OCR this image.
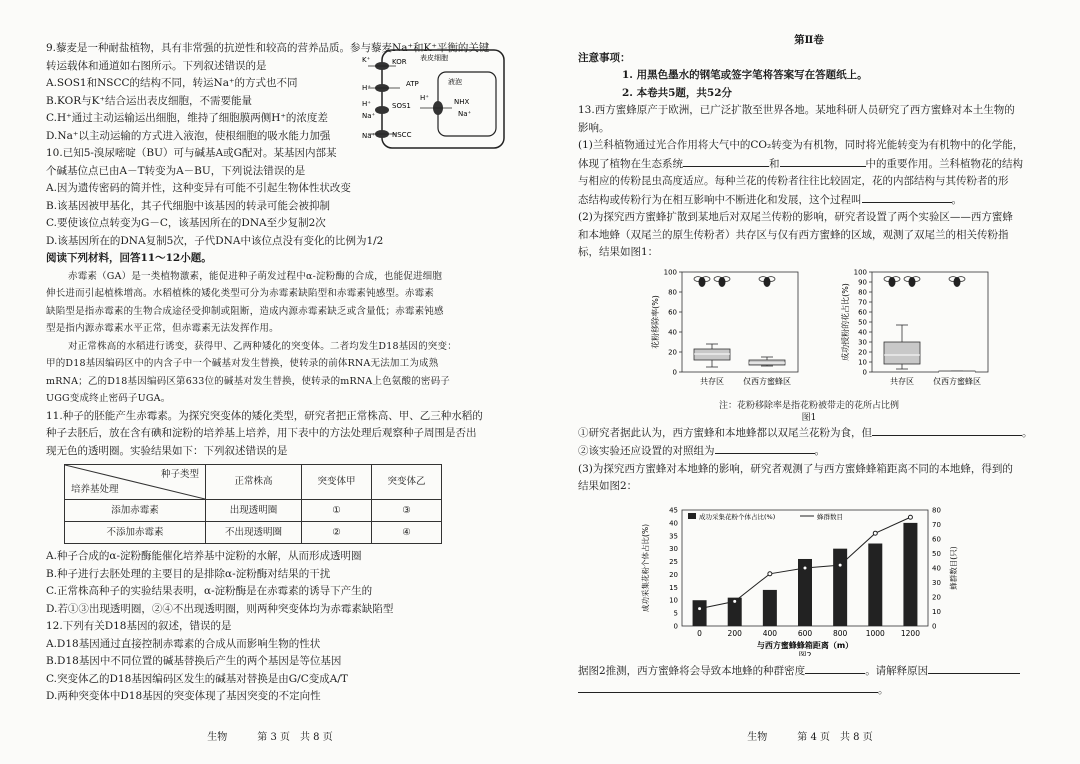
9.藜麦是一种耐盐植物，具有非常强的抗逆性和较高的营养品质。参与藜麦Na⁺和K⁺平衡的关键
转运载体和通道如右图所示。下列叙述错误的是
A.SOS1和NSCC的结构不同，转运Na⁺的方式也不同
B.KOR与K⁺结合运出表皮细胞，不需要能量
C.H⁺通过主动运输运出细胞，维持了细胞膜两侧H⁺的浓度差
D.Na⁺以主动运输的方式进入液泡，使根细胞的吸水能力加强
10.已知5-溴尿嘧啶（BU）可与碱基A或G配对。某基因内部某
个碱基位点已由A－T转变为A－BU，下列说法错误的是
A.因为遗传密码的简并性，这种变异有可能不引起生物体性状改变
B.该基因被甲基化，其子代细胞中该基因的转录可能会被抑制
C.要使该位点转变为G－C，该基因所在的DNA至少复制2次
D.该基因所在的DNA复制5次，子代DNA中该位点没有变化的比例为1/2
阅读下列材料，回答11～12小题。
赤霉素（GA）是一类植物激素，能促进种子萌发过程中α-淀粉酶的合成，也能促进细胞
伸长进而引起植株增高。水稻植株的矮化类型可分为赤霉素缺陷型和赤霉素钝感型。赤霉素
缺陷型是指赤霉素的生物合成途径受抑制或阻断，造成内源赤霉素缺乏或含量低；赤霉素钝感
型是指内源赤霉素水平正常，但赤霉素无法发挥作用。
对正常株高的水稻进行诱变，获得甲、乙两种矮化的突变体。二者均发生D18基因的突变：
甲的D18基因编码区中的内含子中一个碱基对发生替换，使转录的前体RNA无法加工为成熟
mRNA；乙的D18基因编码区第633位的碱基对发生替换，使转录的mRNA上色氨酸的密码子
UGG变成终止密码子UGA。
11.种子的胚能产生赤霉素。为探究突变体的矮化类型，研究者把正常株高、甲、乙三种水稻的
种子去胚后，放在含有碘和淀粉的培养基上培养，用下表中的方法处理后观察种子周围是否出
现无色的透明圈。实验结果如下：下列叙述错误的是
种子类型
培养基处理	正常株高	突变体甲	突变体乙
添加赤霉素	出现透明圈	①	③
不添加赤霉素	不出现透明圈	②	④
A.种子合成的α-淀粉酶能催化培养基中淀粉的水解，从而形成透明圈
B.种子进行去胚处理的主要目的是排除α-淀粉酶对结果的干扰
C.正常株高种子的实验结果表明，α-淀粉酶是在赤霉素的诱导下产生的
D.若①③出现透明圈，②④不出现透明圈，则两种突变体均为赤霉素缺陷型
12.下列有关D18基因的叙述，错误的是
A.D18基因通过直接控制赤霉素的合成从而影响生物的性状
B.D18基因中不同位置的碱基替换后产生的两个基因是等位基因
C.突变体乙的D18基因编码区发生的碱基对替换是由G/C变成A/T
D.两种突变体中D18基因的突变体现了基因突变的不定向性
生物　　　第 3 页　共 8 页
表皮细胞
液泡
KOR
K⁺
ATP
H⁺
SOS1
H⁺
Na⁺
NHX
H⁺
Na⁺
NSCC
Na⁺
第Ⅱ卷
注意事项：
1. 用黑色墨水的钢笔或签字笔将答案写在答题纸上。
2. 本卷共5题，共52分
13.西方蜜蜂原产于欧洲，已广泛扩散至世界各地。某地科研人员研究了西方蜜蜂对本土生物的
影响。
(1)兰科植物通过光合作用将大气中的CO₂转变为有机物，同时将光能转变为有机物中的化学能，
体现了植物在生态系统	和	中的重要作用。兰科植物花的结构
与相应的传粉昆虫高度适应。每种兰花的传粉者往往比较固定，花的内部结构与其传粉者的形
态结构或传粉行为在相互影响中不断进化和发展，这个过程叫	。
(2)为探究西方蜜蜂扩散到某地后对双尾兰传粉的影响，研究者设置了两个实验区——西方蜜蜂
和本地蜂（双尾兰的原生传粉者）共存区与仅有西方蜜蜂的区域，观测了双尾兰的相关传粉指
标，结果如图1：
0
20
40
60
80
100
花粉移除率(%)
共存区 仅西方蜜蜂区
0
10
20
30
40
50
60
70
80
90
100
成功授粉的花占比(%)
共存区 仅西方蜜蜂区
注：花粉移除率是指花粉被带走的花所占比例
图1
①研究者据此认为，西方蜜蜂和本地蜂都以双尾兰花粉为食，但	。
②该实验还应设置的对照组为	。
(3)为探究西方蜜蜂对本地蜂的影响，研究者观测了与西方蜜蜂蜂箱距离不同的本地蜂，得到的
结果如图2：
0
5
10
15
20
25
30
35
40
45
0
10
20
30
40
50
60
70
80
成功采集花粉个体占比(%)	蜂群数目(只)
0	200	400	600	800 1000 1200
与西方蜜蜂蜂箱距离（m）
图2
成功采集花粉个体占比(%)	蜂群数目
据图2推测，西方蜜蜂将会导致本地蜂的种群密度	。请解释原因
。
生物　　　第 4 页　共 8 页
